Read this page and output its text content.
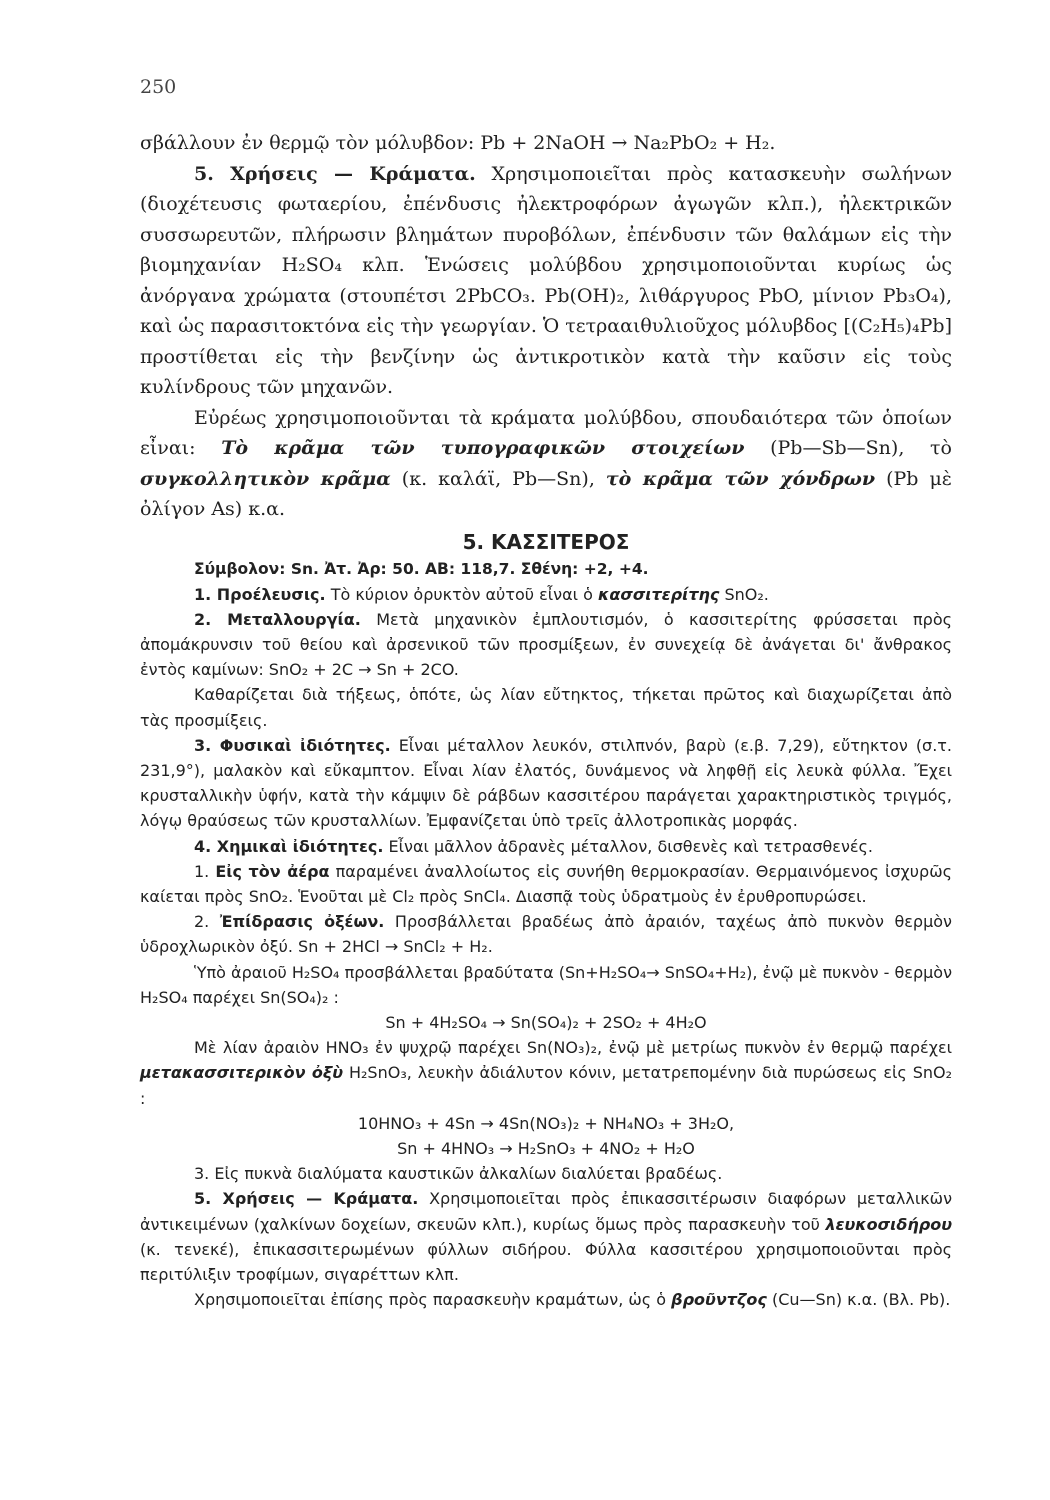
250

σβάλλουν ἐν θερμῷ τὸν μόλυβδον: Pb + 2NaOH → Na₂PbO₂ + H₂.

5. Χρήσεις — Κράματα. Χρησιμοποιεῖται πρὸς κατασκευὴν σωλήνων (διοχέτευσις φωταερίου, ἐπένδυσις ἠλεκτροφόρων ἀγωγῶν κλπ.), ἠλεκτρικῶν συσσωρευτῶν, πλήρωσιν βλημάτων πυροβόλων, ἐπένδυσιν τῶν θαλάμων εἰς τὴν βιομηχανίαν H₂SO₄ κλπ. Ἑνώσεις μολύβδου χρησιμοποιοῦνται κυρίως ὡς ἀνόργανα χρώματα (στουπέτσι 2PbCO₃. Pb(OH)₂, λιθάργυρος PbO, μίνιον Pb₃O₄), καὶ ὡς παρασιτοκτόνα εἰς τὴν γεωργίαν. Ὁ τετρααιθυλιοῦχος μόλυβδος [(C₂H₅)₄Pb] προστίθεται εἰς τὴν βενζίνην ὡς ἀντικροτικὸν κατὰ τὴν καῦσιν εἰς τοὺς κυλίνδρους τῶν μηχανῶν.

Εὐρέως χρησιμοποιοῦνται τὰ κράματα μολύβδου, σπουδαιότερα τῶν ὁποίων εἶναι: Τὸ κρᾶμα τῶν τυπογραφικῶν στοιχείων (Pb—Sb—Sn), τὸ συγκολλητικὸν κρᾶμα (κ. καλάϊ, Pb—Sn), τὸ κρᾶμα τῶν χόνδρων (Pb μὲ ὀλίγον As) κ.α.

5. ΚΑΣΣΙΤΕΡΟΣ

Σύμβολον: Sn. Ἀτ. Ἀρ: 50. ΑΒ: 118,7. Σθένη: +2, +4.

1. Προέλευσις. Τὸ κύριον ὀρυκτὸν αὐτοῦ εἶναι ὁ κασσιτερίτης SnO₂.

2. Μεταλλουργία. Μετὰ μηχανικὸν ἐμπλουτισμόν, ὁ κασσιτερίτης φρύσσεται πρὸς ἀπομάκρυνσιν τοῦ θείου καὶ ἀρσενικοῦ τῶν προσμίξεων, ἐν συνεχείᾳ δὲ ἀνάγεται δι' ἄνθρακος ἐντὸς καμίνων: SnO₂ + 2C → Sn + 2CO.

Καθαρίζεται διὰ τήξεως, ὁπότε, ὡς λίαν εὔτηκτος, τήκεται πρῶτος καὶ διαχωρίζεται ἀπὸ τὰς προσμίξεις.

3. Φυσικαὶ ἰδιότητες. Εἶναι μέταλλον λευκόν, στιλπνόν, βαρὺ (ε.β. 7,29), εὔτηκτον (σ.τ. 231,9°), μαλακὸν καὶ εὔκαμπτον. Εἶναι λίαν ἐλατός, δυνάμενος νὰ ληφθῇ εἰς λευκὰ φύλλα. Ἔχει κρυσταλλικὴν ὑφήν, κατὰ τὴν κάμψιν δὲ ράβδων κασσιτέρου παράγεται χαρακτηριστικὸς τριγμός, λόγῳ θραύσεως τῶν κρυσταλλίων. Ἐμφανίζεται ὑπὸ τρεῖς ἀλλοτροπικὰς μορφάς.

4. Χημικαὶ ἰδιότητες. Εἶναι μᾶλλον ἀδρανὲς μέταλλον, δισθενὲς καὶ τετρασθενές.

1. Εἰς τὸν ἀέρα παραμένει ἀναλλοίωτος εἰς συνήθη θερμοκρασίαν. Θερμαινόμενος ἰσχυρῶς καίεται πρὸς SnO₂. Ἑνοῦται μὲ Cl₂ πρὸς SnCl₄. Διασπᾷ τοὺς ὑδρατμοὺς ἐν ἐρυθροπυρώσει.

2. Ἐπίδρασις ὀξέων. Προσβάλλεται βραδέως ἀπὸ ἀραιόν, ταχέως ἀπὸ πυκνὸν θερμὸν ὑδροχλωρικὸν ὀξύ. Sn + 2HCl → SnCl₂ + H₂.

Ὑπὸ ἀραιοῦ H₂SO₄ προσβάλλεται βραδύτατα (Sn+H₂SO₄→ SnSO₄+H₂), ἐνῷ μὲ πυκνὸν - θερμὸν H₂SO₄ παρέχει Sn(SO₄)₂ :

Sn + 4H₂SO₄ → Sn(SO₄)₂ + 2SO₂ + 4H₂O

Μὲ λίαν ἀραιὸν HNO₃ ἐν ψυχρῷ παρέχει Sn(NO₃)₂, ἐνῷ μὲ μετρίως πυκνὸν ἐν θερμῷ παρέχει μετακασσιτερικὸν ὀξὺ H₂SnO₃, λευκὴν ἀδιάλυτον κόνιν, μετατρεπομένην διὰ πυρώσεως εἰς SnO₂ :

10HNO₃ + 4Sn → 4Sn(NO₃)₂ + NH₄NO₃ + 3H₂O,

Sn + 4HNO₃ → H₂SnO₃ + 4NO₂ + H₂O

3. Εἰς πυκνὰ διαλύματα καυστικῶν ἀλκαλίων διαλύεται βραδέως.

5. Χρήσεις — Κράματα. Χρησιμοποιεῖται πρὸς ἐπικασσιτέρωσιν διαφόρων μεταλλικῶν ἀντικειμένων (χαλκίνων δοχείων, σκευῶν κλπ.), κυρίως ὅμως πρὸς παρασκευὴν τοῦ λευκοσιδήρου (κ. τενεκέ), ἐπικασσιτερωμένων φύλλων σιδήρου. Φύλλα κασσιτέρου χρησιμοποιοῦνται πρὸς περιτύλιξιν τροφίμων, σιγαρέττων κλπ.

Χρησιμοποιεῖται ἐπίσης πρὸς παρασκευὴν κραμάτων, ὡς ὁ βροῦντζος (Cu—Sn) κ.α. (Βλ. Pb).
